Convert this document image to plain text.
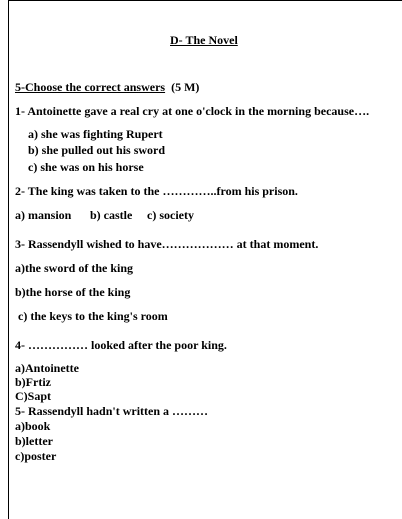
D- The Novel
5-Choose the correct answers (5 M)
1- Antoinette gave a real cry at one o'clock in the morning because….
a) she was fighting Rupert
b) she pulled out his sword
c) she was on his horse
2- The king was taken to the …………..from his prison.
a) mansion b) castle c) society
3- Rassendyll wished to have……………… at that moment.
a)the sword of the king
b)the horse of the king
c) the keys to the king's room
4- …………… looked after the poor king.
a)Antoinette
b)Frtiz
C)Sapt
5- Rassendyll hadn't written a ………
a)book
b)letter
c)poster
